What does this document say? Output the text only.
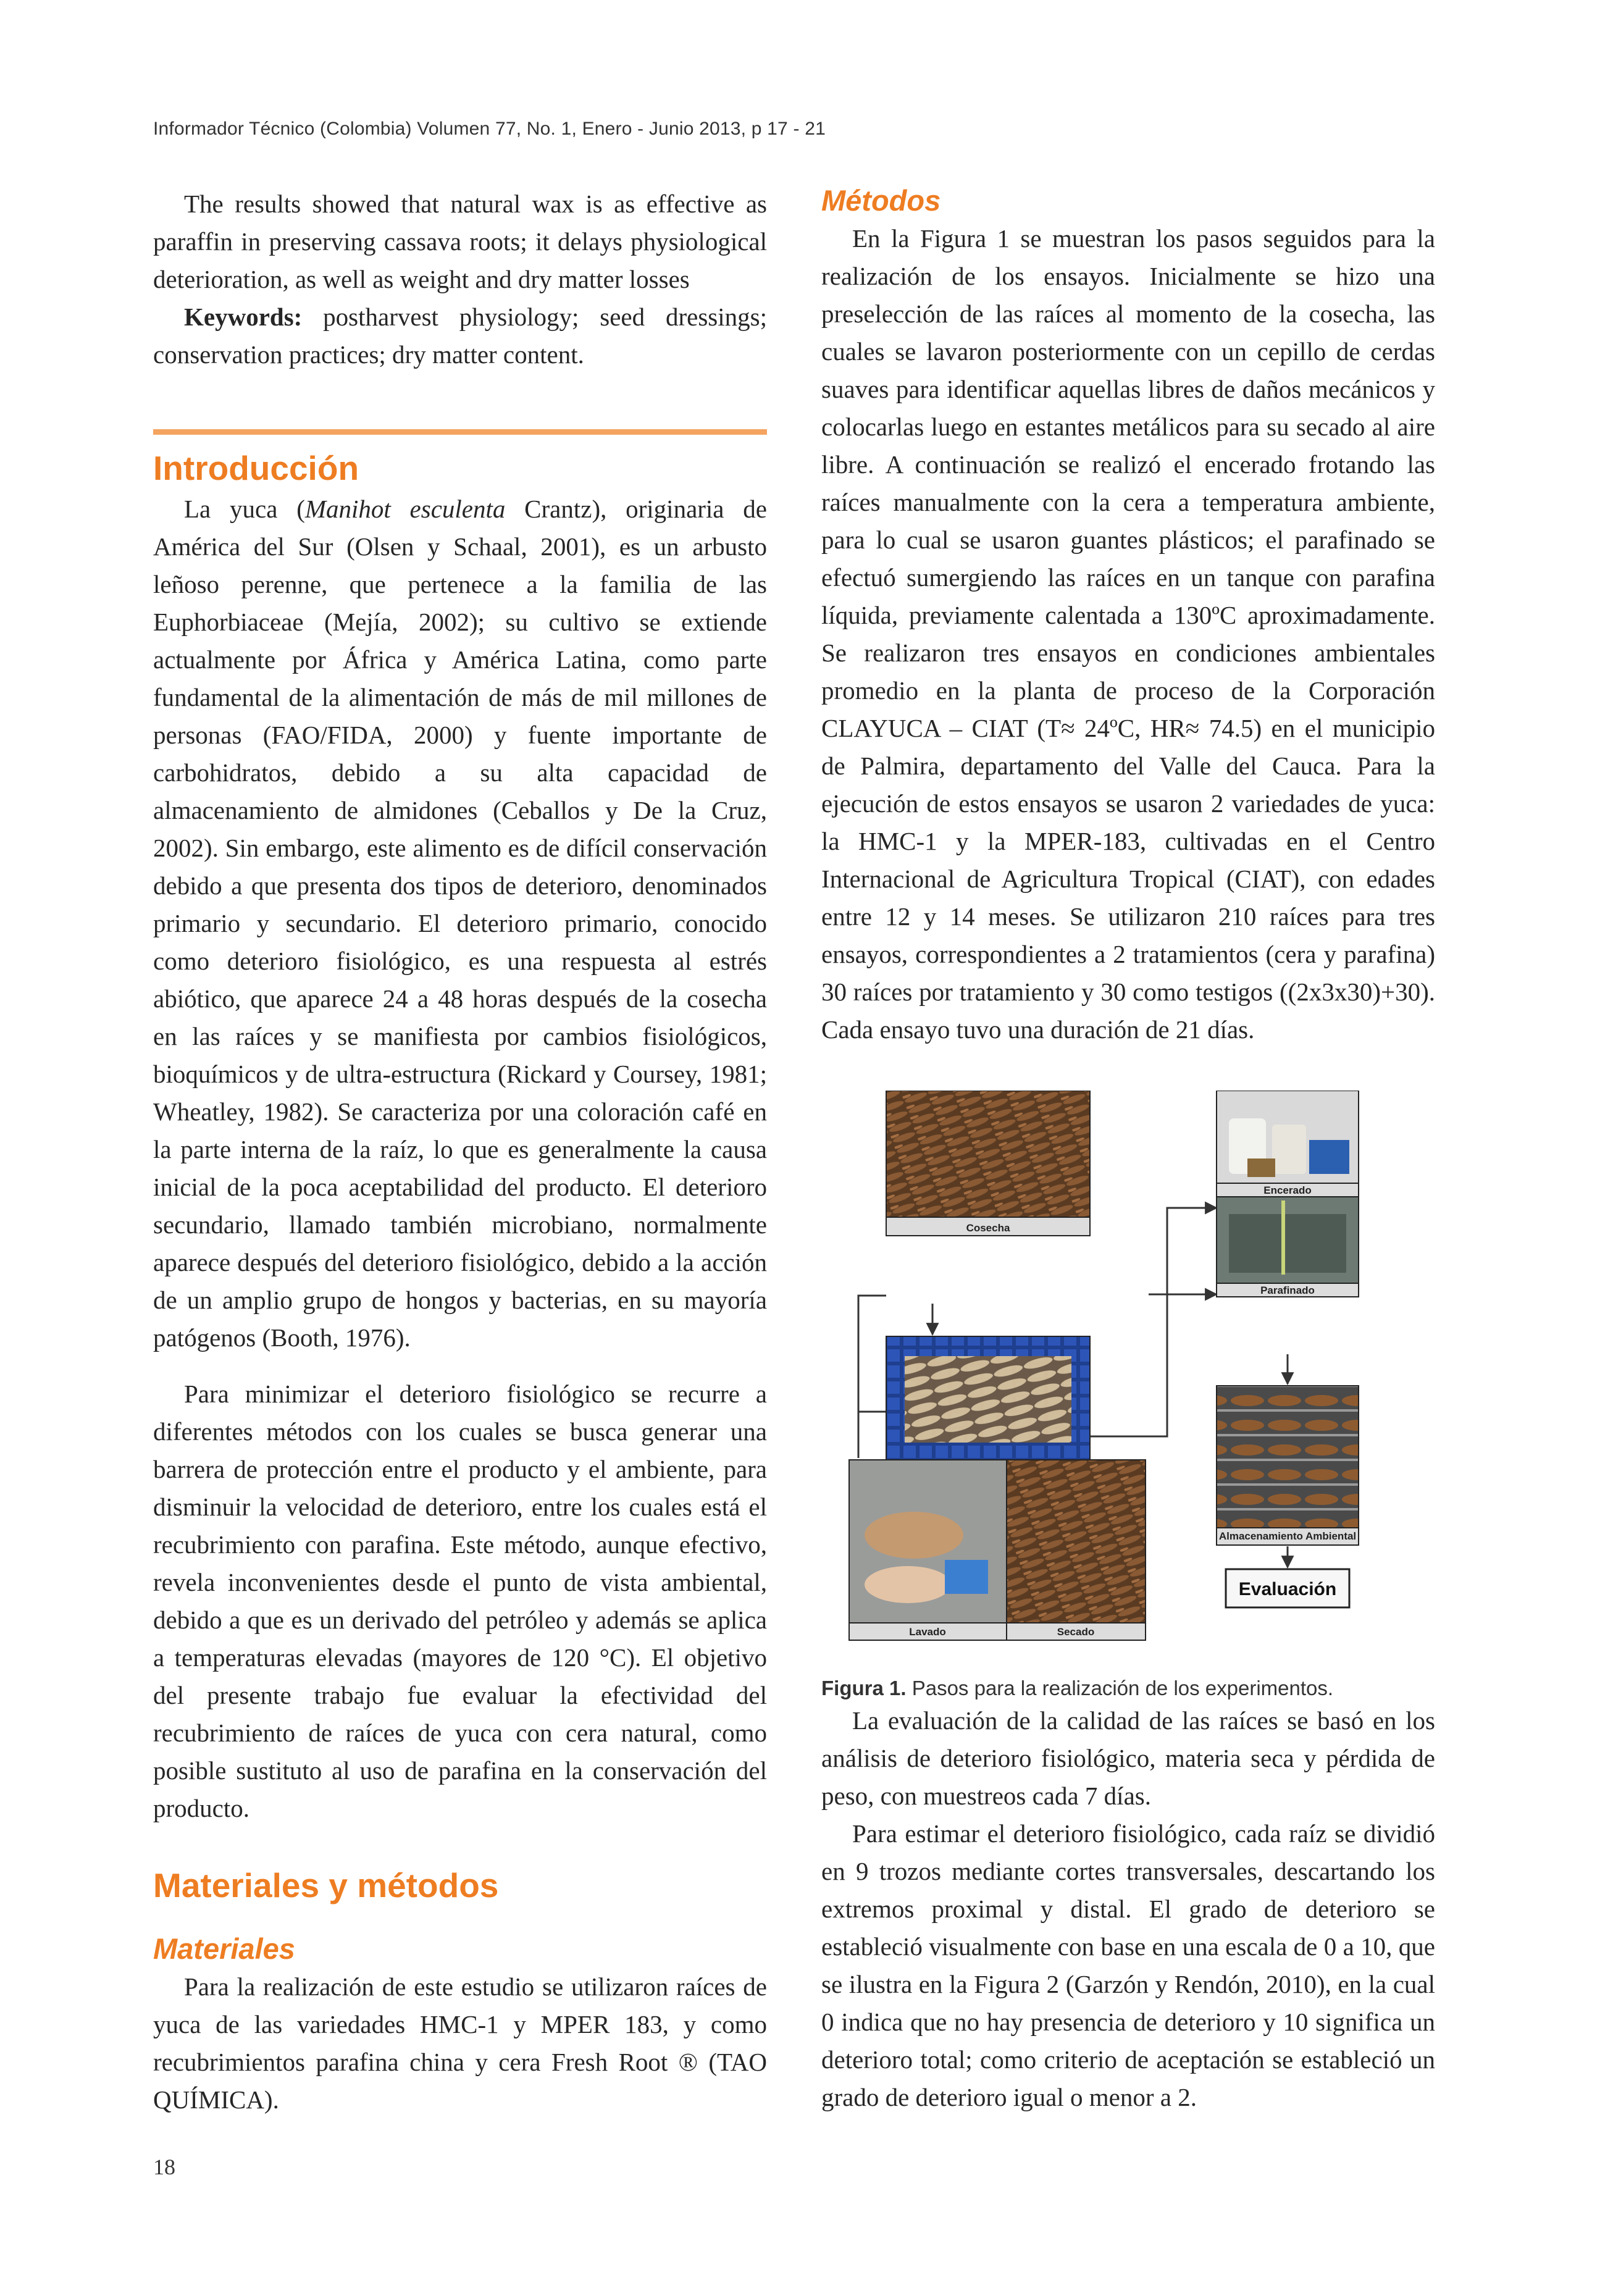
Informador Técnico (Colombia) Volumen 77, No. 1, Enero - Junio 2013, p 17 - 21

The results showed that natural wax is as effective as paraffin in preserving cassava roots; it delays physiological deterioration, as well as weight and dry matter losses

Keywords: postharvest physiology; seed dressings; conservation practices; dry matter content.

Introducción

La yuca (Manihot esculenta Crantz), originaria de América del Sur (Olsen y Schaal, 2001), es un arbusto leñoso perenne, que pertenece a la familia de las Euphorbiaceae (Mejía, 2002); su cultivo se extiende actualmente por África y América Latina, como parte fundamental de la alimentación de más de mil millones de personas (FAO/FIDA, 2000) y fuente importante de carbohidratos, debido a su alta capacidad de almacenamiento de almidones (Ceballos y De la Cruz, 2002). Sin embargo, este alimento es de difícil conservación debido a que presenta dos tipos de deterioro, denominados primario y secundario. El deterioro primario, conocido como deterioro fisiológico, es una respuesta al estrés abiótico, que aparece 24 a 48 horas después de la cosecha en las raíces y se manifiesta por cambios fisiológicos, bioquímicos y de ultra-estructura (Rickard y Coursey, 1981; Wheatley, 1982). Se caracteriza por una coloración café en la parte interna de la raíz, lo que es generalmente la causa inicial de la poca aceptabilidad del producto. El deterioro secundario, llamado también microbiano, normalmente aparece después del deterioro fisiológico, debido a la acción de un amplio grupo de hongos y bacterias, en su mayoría patógenos (Booth, 1976).

Para minimizar el deterioro fisiológico se recurre a diferentes métodos con los cuales se busca generar una barrera de protección entre el producto y el ambiente, para disminuir la velocidad de deterioro, entre los cuales está el recubrimiento con parafina. Este método, aunque efectivo, revela inconvenientes desde el punto de vista ambiental, debido a que es un derivado del petróleo y además se aplica a temperaturas elevadas (mayores de 120 °C). El objetivo del presente trabajo fue evaluar la efectividad del recubrimiento de raíces de yuca con cera natural, como posible sustituto al uso de parafina en la conservación del producto.

Materiales y métodos
Materiales

Para la realización de este estudio se utilizaron raíces de yuca de las variedades HMC-1 y MPER 183, y como recubrimientos parafina china y cera Fresh Root ® (TAO QUÍMICA).

Métodos

En la Figura 1 se muestran los pasos seguidos para la realización de los ensayos. Inicialmente se hizo una preselección de las raíces al momento de la cosecha, las cuales se lavaron posteriormente con un cepillo de cerdas suaves para identificar aquellas libres de daños mecánicos y colocarlas luego en estantes metálicos para su secado al aire libre. A continuación se realizó el encerado frotando las raíces manualmente con la cera a temperatura ambiente, para lo cual se usaron guantes plásticos; el parafinado se efectuó sumergiendo las raíces en un tanque con parafina líquida, previamente calentada a 130ºC aproximadamente. Se realizaron tres ensayos en condiciones ambientales promedio en la planta de proceso de la Corporación CLAYUCA – CIAT (T≈ 24ºC, HR≈ 74.5) en el municipio de Palmira, departamento del Valle del Cauca. Para la ejecución de estos ensayos se usaron 2 variedades de yuca: la HMC-1 y la MPER-183, cultivadas en el Centro Internacional de Agricultura Tropical (CIAT), con edades entre 12 y 14 meses. Se utilizaron 210 raíces para tres ensayos, correspondientes a 2 tratamientos (cera y parafina) 30 raíces por tratamiento y 30 como testigos ((2x3x30)+30). Cada ensayo tuvo una duración de 21 días.

Cosecha
Encerado
Parafinado
Almacenamiento Ambiental
Lavado	Secado
Evaluación
Figura 1. Pasos para la realización de los experimentos.

La evaluación de la calidad de las raíces se basó en los análisis de deterioro fisiológico, materia seca y pérdida de peso, con muestreos cada 7 días.

Para estimar el deterioro fisiológico, cada raíz se dividió en 9 trozos mediante cortes transversales, descartando los extremos proximal y distal. El grado de deterioro se estableció visualmente con base en una escala de 0 a 10, que se ilustra en la Figura 2 (Garzón y Rendón, 2010), en la cual 0 indica que no hay presencia de deterioro y 10 significa un deterioro total; como criterio de aceptación se estableció un grado de deterioro igual o menor a 2.

18
